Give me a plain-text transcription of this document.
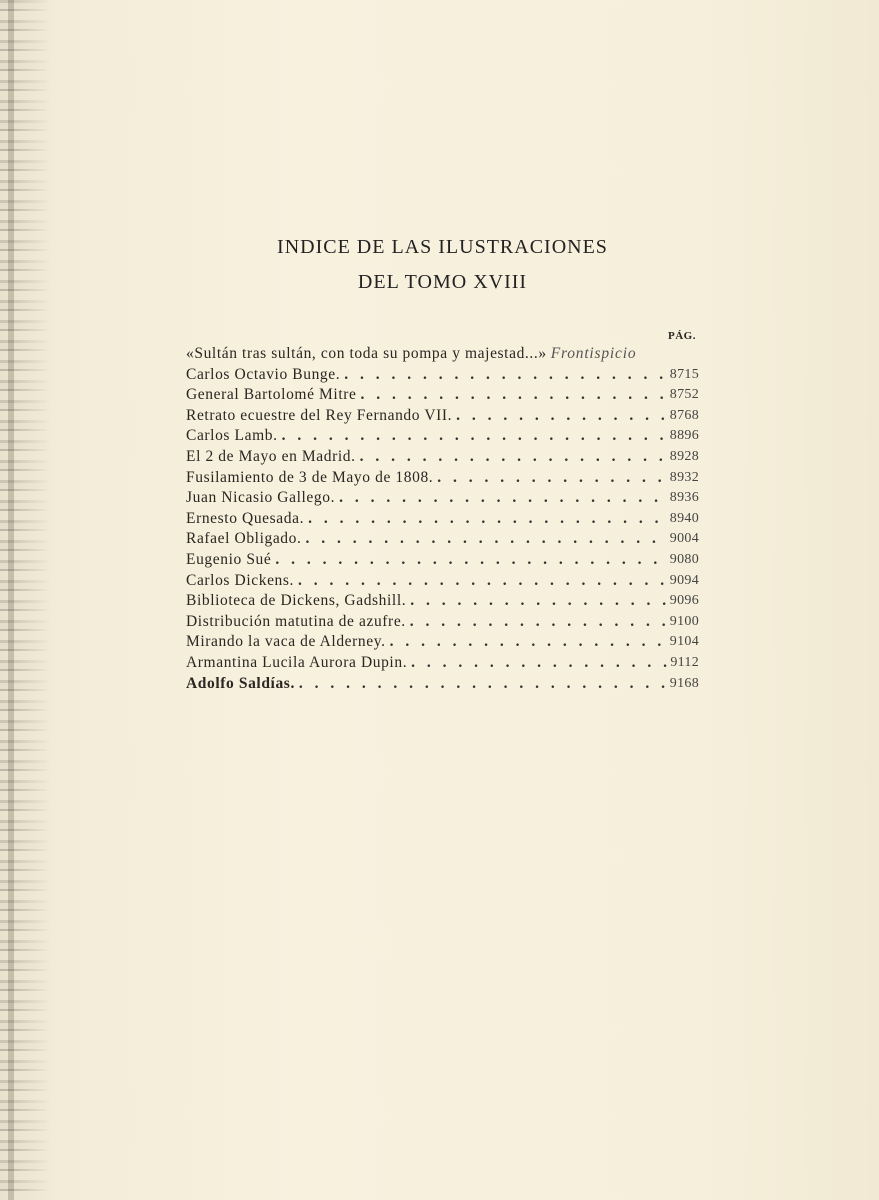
INDICE DE LAS ILUSTRACIONES
DEL TOMO XVIII
PÁG.
«Sultán tras sultán, con toda su pompa y majestad...» Frontispicio
Carlos Octavio Bunge. . . .	8715
General Bartolomé Mitre . . .	8752
Retrato ecuestre del Rey Fernando VII. . . .	8768
Carlos Lamb. . . .	8896
El 2 de Mayo en Madrid. . . .	8928
Fusilamiento de 3 de Mayo de 1808. . . .	8932
Juan Nicasio Gallego. . . .	8936
Ernesto Quesada. . . .	8940
Rafael Obligado. . . .	9004
Eugenio Sué . . .	9080
Carlos Dickens. . . .	9094
Biblioteca de Dickens, Gadshill. . . .	9096
Distribución matutina de azufre. . . .	9100
Mirando la vaca de Alderney. . . .	9104
Armantina Lucila Aurora Dupin. . . .	9112
Adolfo Saldías. . . .	9168
